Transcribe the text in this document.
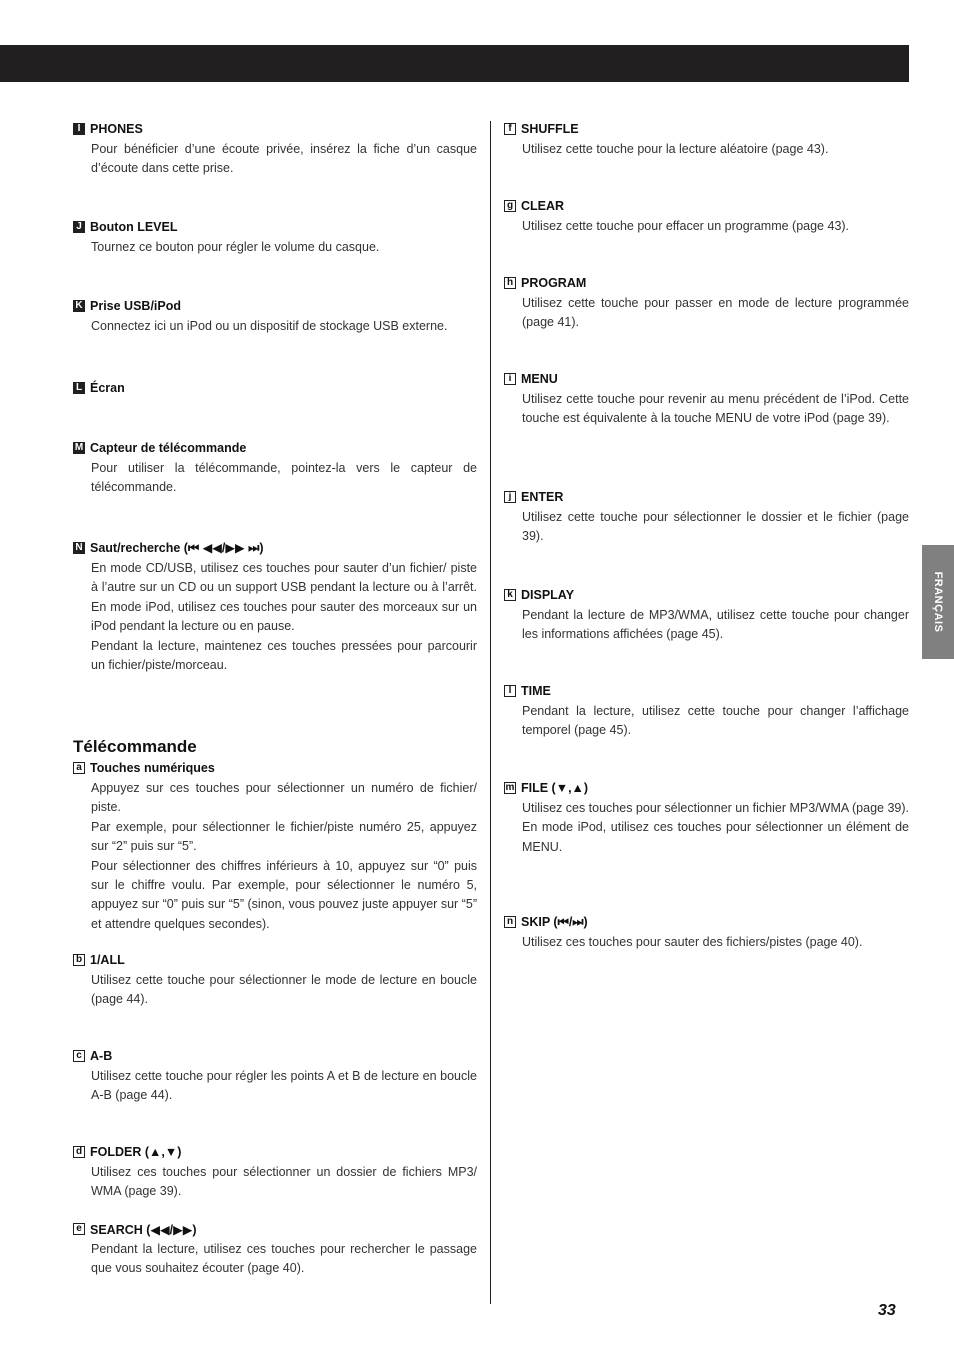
FRANÇAIS
33
I PHONES
Pour bénéficier d’une écoute privée, insérez la fiche d’un casque d’écoute dans cette prise.
J Bouton LEVEL
Tournez ce bouton pour régler le volume du casque.
K Prise USB/iPod
Connectez ici un iPod ou un dispositif de stockage USB externe.
L Écran
M Capteur de télécommande
Pour utiliser la télécommande, pointez-la vers le capteur de télécommande.
N Saut/recherche (⏮ ◀◀/▶▶ ⏭)
En mode CD/USB, utilisez ces touches pour sauter d’un fichier/ piste à l’autre sur un CD ou un support USB pendant la lecture ou à l’arrêt. En mode iPod, utilisez ces touches pour sauter des morceaux sur un iPod pendant la lecture ou en pause.
Pendant la lecture, maintenez ces touches pressées pour parcourir un fichier/piste/morceau.
Télécommande
a Touches numériques
Appuyez sur ces touches pour sélectionner un numéro de fichier/ piste.
Par exemple, pour sélectionner le fichier/piste numéro 25, appuyez sur “2” puis sur “5”.
Pour sélectionner des chiffres inférieurs à 10, appuyez sur “0” puis sur le chiffre voulu. Par exemple, pour sélectionner le numéro 5, appuyez sur “0” puis sur “5” (sinon, vous pouvez juste appuyer sur “5” et attendre quelques secondes).
b 1/ALL
Utilisez cette touche pour sélectionner le mode de lecture en boucle (page 44).
c A-B
Utilisez cette touche pour régler les points A et B de lecture en boucle A-B (page 44).
d FOLDER (▲,▼)
Utilisez ces touches pour sélectionner un dossier de fichiers MP3/ WMA (page 39).
e SEARCH (◀◀/▶▶)
Pendant la lecture, utilisez ces touches pour rechercher le passage que vous souhaitez écouter (page 40).
f SHUFFLE
Utilisez cette touche pour la lecture aléatoire (page 43).
g CLEAR
Utilisez cette touche pour effacer un programme (page 43).
h PROGRAM
Utilisez cette touche pour passer en mode de lecture programmée (page 41).
i MENU
Utilisez cette touche pour revenir au menu précédent de l’iPod. Cette touche est équivalente à la touche MENU de votre iPod (page 39).
j ENTER
Utilisez cette touche pour sélectionner le dossier et le fichier (page 39).
k DISPLAY
Pendant la lecture de MP3/WMA, utilisez cette touche pour changer les informations affichées (page 45).
l TIME
Pendant la lecture, utilisez cette touche pour changer l’affichage temporel (page 45).
m FILE (▼,▲)
Utilisez ces touches pour sélectionner un fichier MP3/WMA (page 39).
En mode iPod, utilisez ces touches pour sélectionner un élément de MENU.
n SKIP (⏮/⏭)
Utilisez ces touches pour sauter des fichiers/pistes (page 40).
